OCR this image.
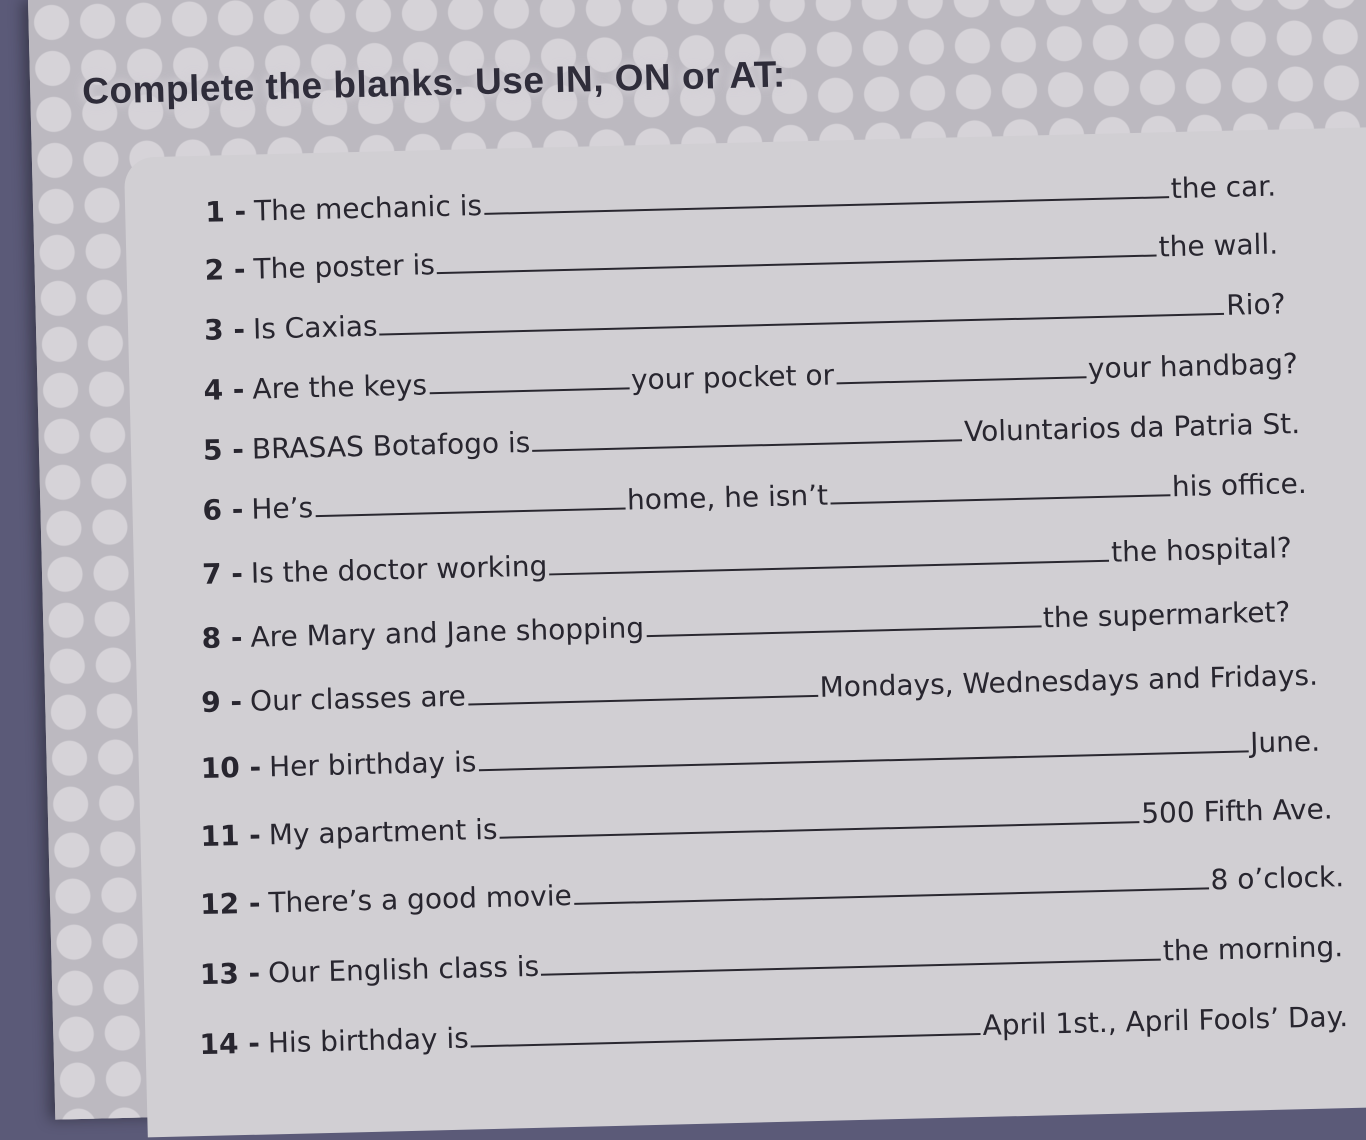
Complete the blanks. Use IN, ON or AT:
1 - The mechanic is
the car.
2 - The poster is
the wall.
3 - Is Caxias
Rio?
4 - Are the keys	your pocket or	your handbag?
5 - BRASAS Botafogo is	Voluntarios da Patria St.
6 - He’s	home, he isn’t	his office.
7 - Is the doctor working	the hospital?
8 - Are Mary and Jane shopping	the supermarket?
9 - Our classes are	Mondays, Wednesdays and Fridays.
10 - Her birthday is
June.
11 - My apartment is
500 Fifth Ave.
12 - There’s a good movie
8 o’clock.
13 - Our English class is
the morning.
14 - His birthday is	April 1st., April Fools’ Day.
